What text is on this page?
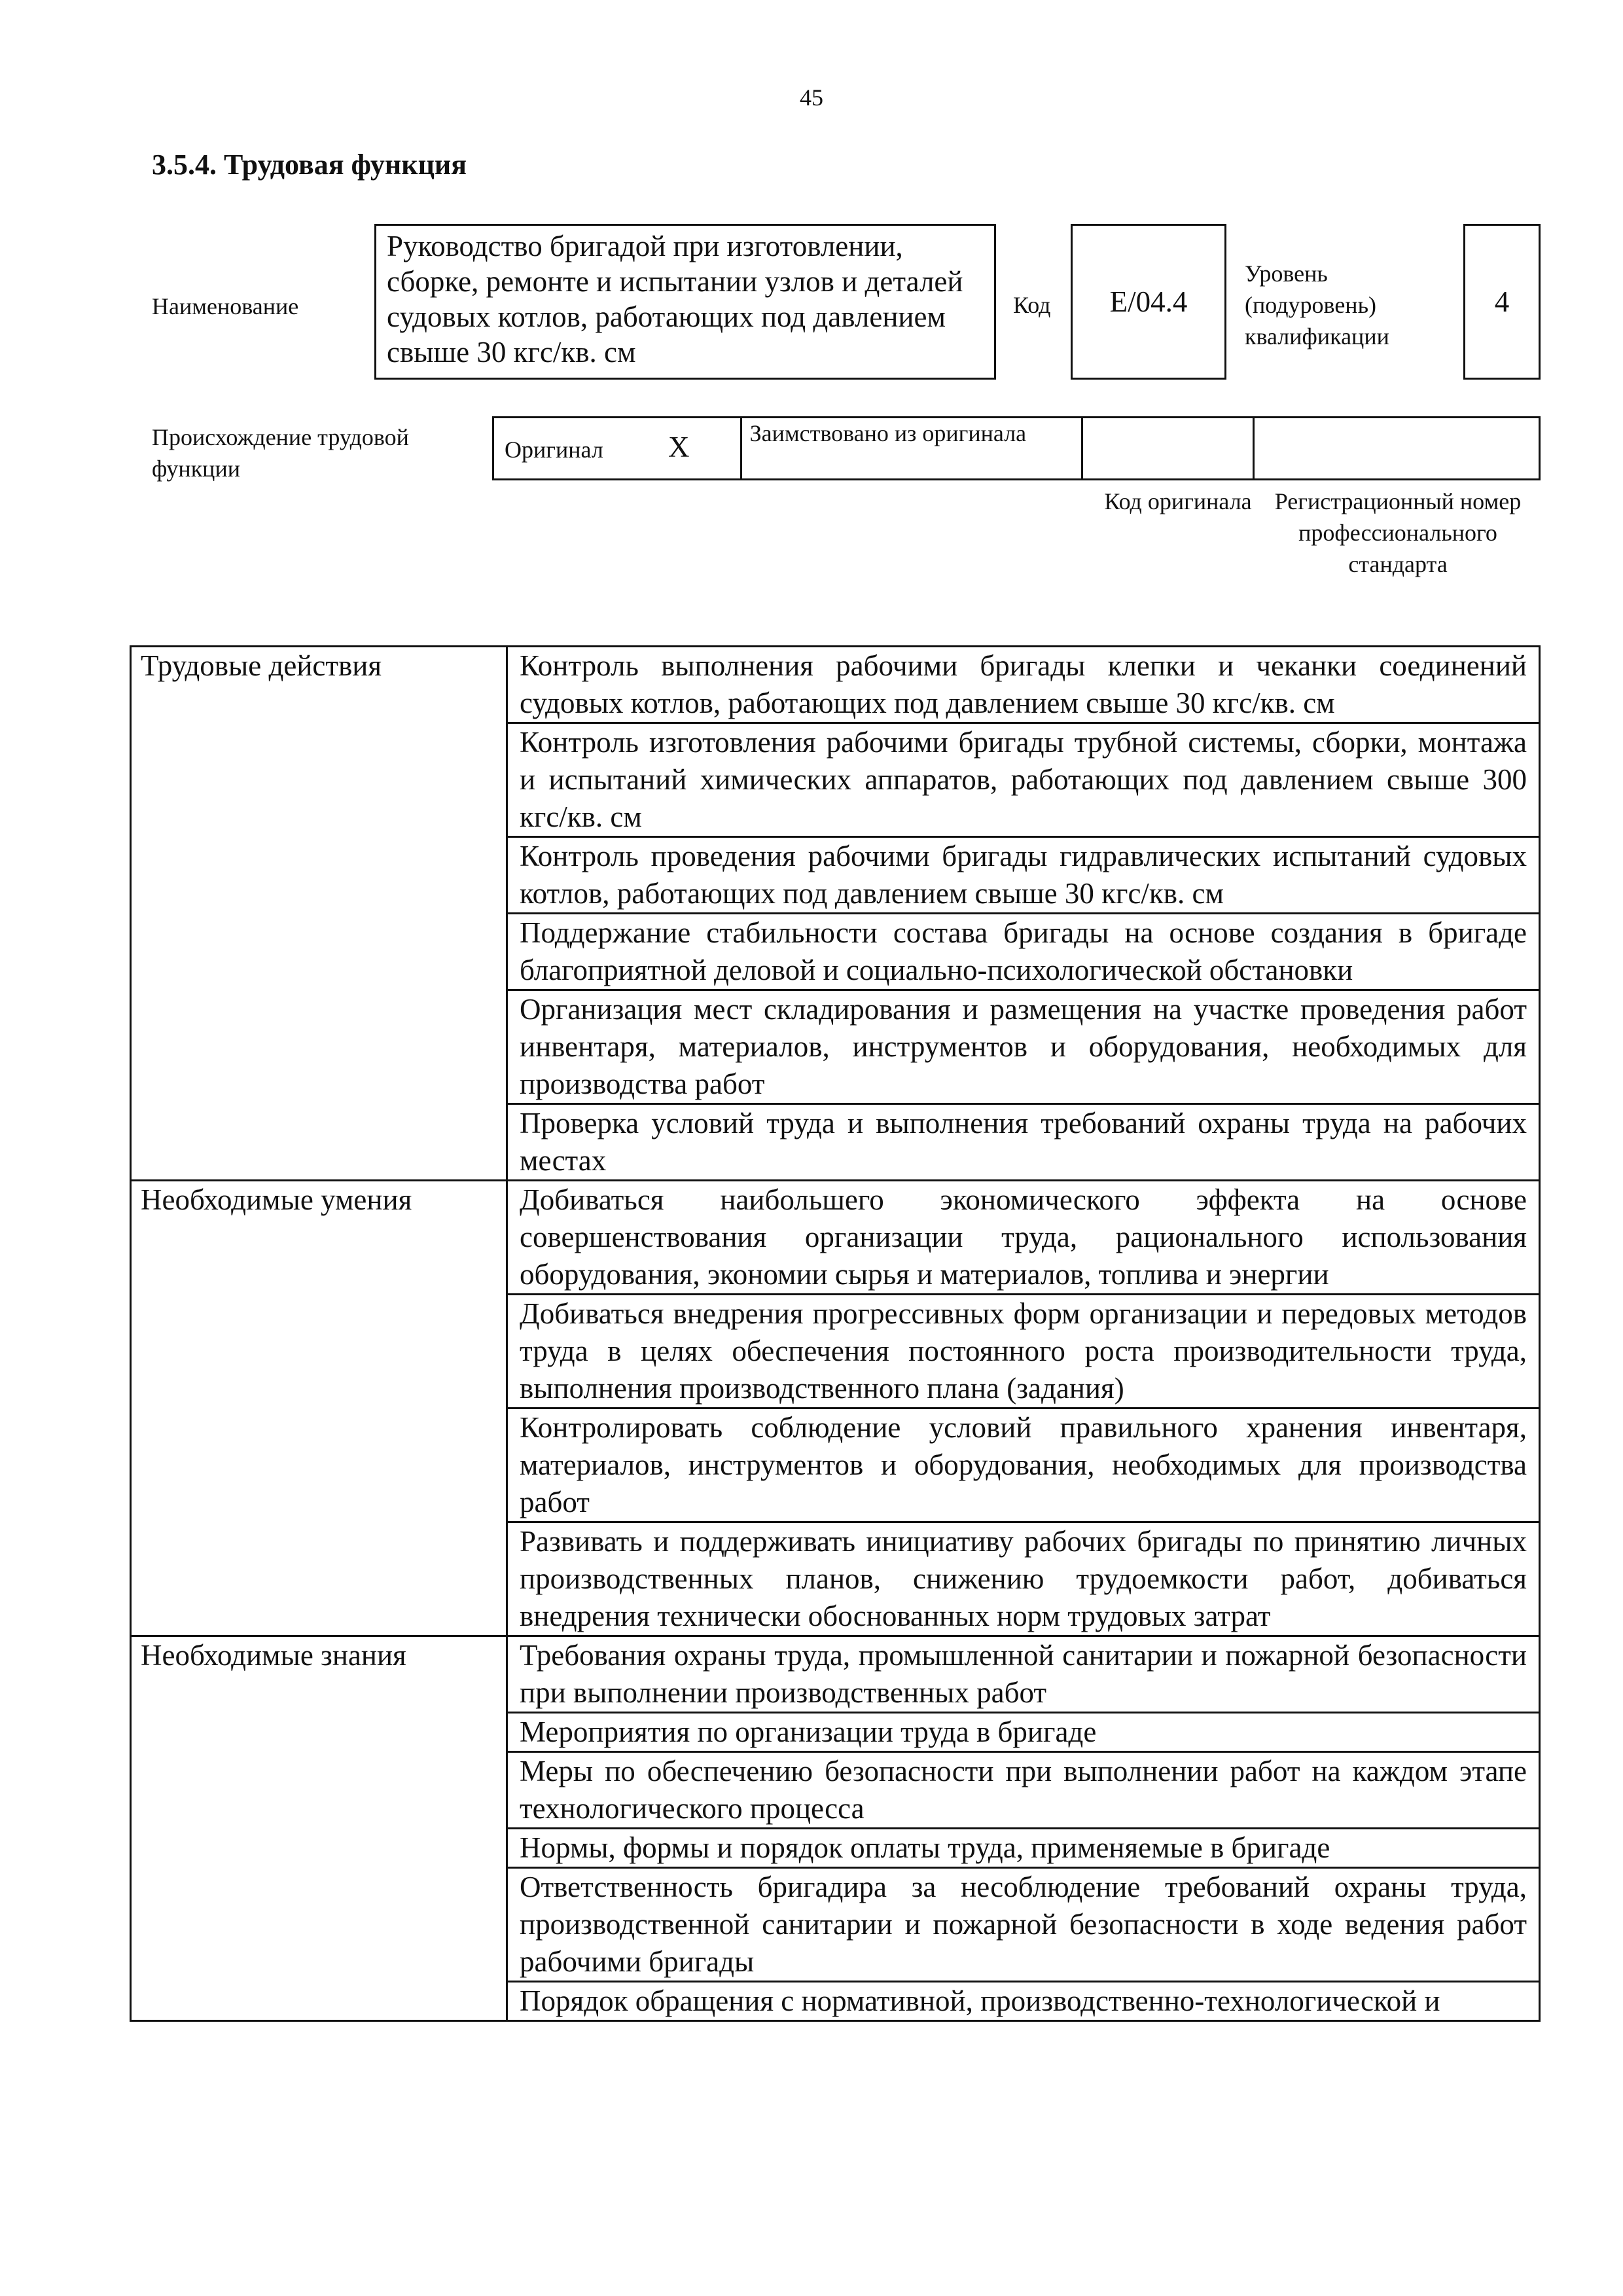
45
3.5.4. Трудовая функция
Наименование
Руководство бригадой при изготовлении, сборке, ремонте и испытании узлов и деталей судовых котлов, работающих под давлением свыше 30 кгс/кв. см
Код	E/04.4
Уровень (подуровень) квалификации
4
Происхождение трудовой функции
Оригинал X	Заимствовано из оригинала
Код оригинала Регистрационный номер профессионального стандарта
Трудовые действия	Контроль выполнения рабочими бригады клепки и чеканки соединений судовых котлов, работающих под давлением свыше 30 кгс/кв. см
	Контроль изготовления рабочими бригады трубной системы, сборки, монтажа и испытаний химических аппаратов, работающих под давлением свыше 300 кгс/кв. см
	Контроль проведения рабочими бригады гидравлических испытаний судовых котлов, работающих под давлением свыше 30 кгс/кв. см
	Поддержание стабильности состава бригады на основе создания в бригаде благоприятной деловой и социально-психологической обстановки
	Организация мест складирования и размещения на участке проведения работ инвентаря, материалов, инструментов и оборудования, необходимых для производства работ
	Проверка условий труда и выполнения требований охраны труда на рабочих местах
Необходимые умения	Добиваться наибольшего экономического эффекта на основе совершенствования организации труда, рационального использования оборудования, экономии сырья и материалов, топлива и энергии
	Добиваться внедрения прогрессивных форм организации и передовых методов труда в целях обеспечения постоянного роста производительности труда, выполнения производственного плана (задания)
	Контролировать соблюдение условий правильного хранения инвентаря, материалов, инструментов и оборудования, необходимых для производства работ
	Развивать и поддерживать инициативу рабочих бригады по принятию личных производственных планов, снижению трудоемкости работ, добиваться внедрения технически обоснованных норм трудовых затрат
Необходимые знания	Требования охраны труда, промышленной санитарии и пожарной безопасности при выполнении производственных работ
	Мероприятия по организации труда в бригаде
	Меры по обеспечению безопасности при выполнении работ на каждом этапе технологического процесса
	Нормы, формы и порядок оплаты труда, применяемые в бригаде
	Ответственность бригадира за несоблюдение требований охраны труда, производственной санитарии и пожарной безопасности в ходе ведения работ рабочими бригады
	Порядок обращения с нормативной, производственно-технологической и
